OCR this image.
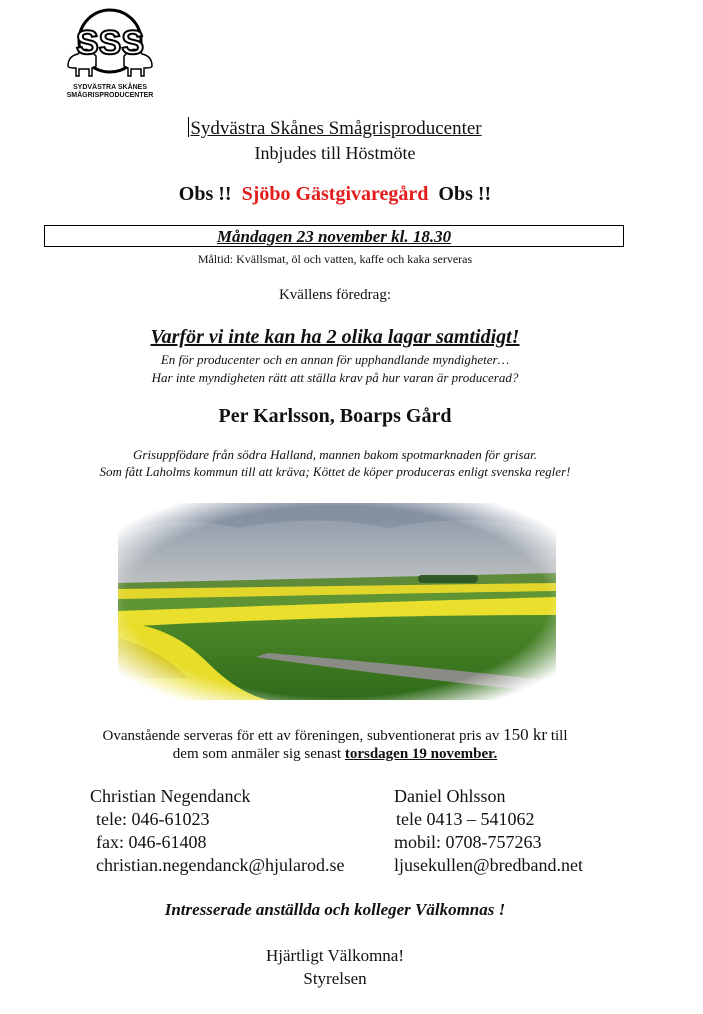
SSS
SYDVÄSTRA SKÅNES
SMÅGRISPRODUCENTER
Sydvästra Skånes Smågrisproducenter
Inbjudes till Höstmöte
Obs !! Sjöbo Gästgivaregård Obs !!
Måndagen 23 november kl. 18.30
Måltid: Kvällsmat, öl och vatten, kaffe och kaka serveras
Kvällens föredrag:
Varför vi inte kan ha 2 olika lagar samtidigt!
En för producenter och en annan för upphandlande myndigheter…
Har inte myndigheten rätt att ställa krav på hur varan är producerad?
Per Karlsson, Boarps Gård
Grisuppfödare från södra Halland, mannen bakom spotmarknaden för grisar.
Som fått Laholms kommun till att kräva; Köttet de köper produceras enligt svenska regler!
Ovanstående serveras för ett av föreningen, subventionerat pris av 150 kr till
dem som anmäler sig senast torsdagen 19 november.
Christian Negendanck
tele: 046-61023
fax: 046-61408
christian.negendanck@hjularod.se
Daniel Ohlsson
tele 0413 – 541062
mobil: 0708-757263
ljusekullen@bredband.net
Intresserade anställda och kolleger Välkomnas !
Hjärtligt Välkomna!
Styrelsen
